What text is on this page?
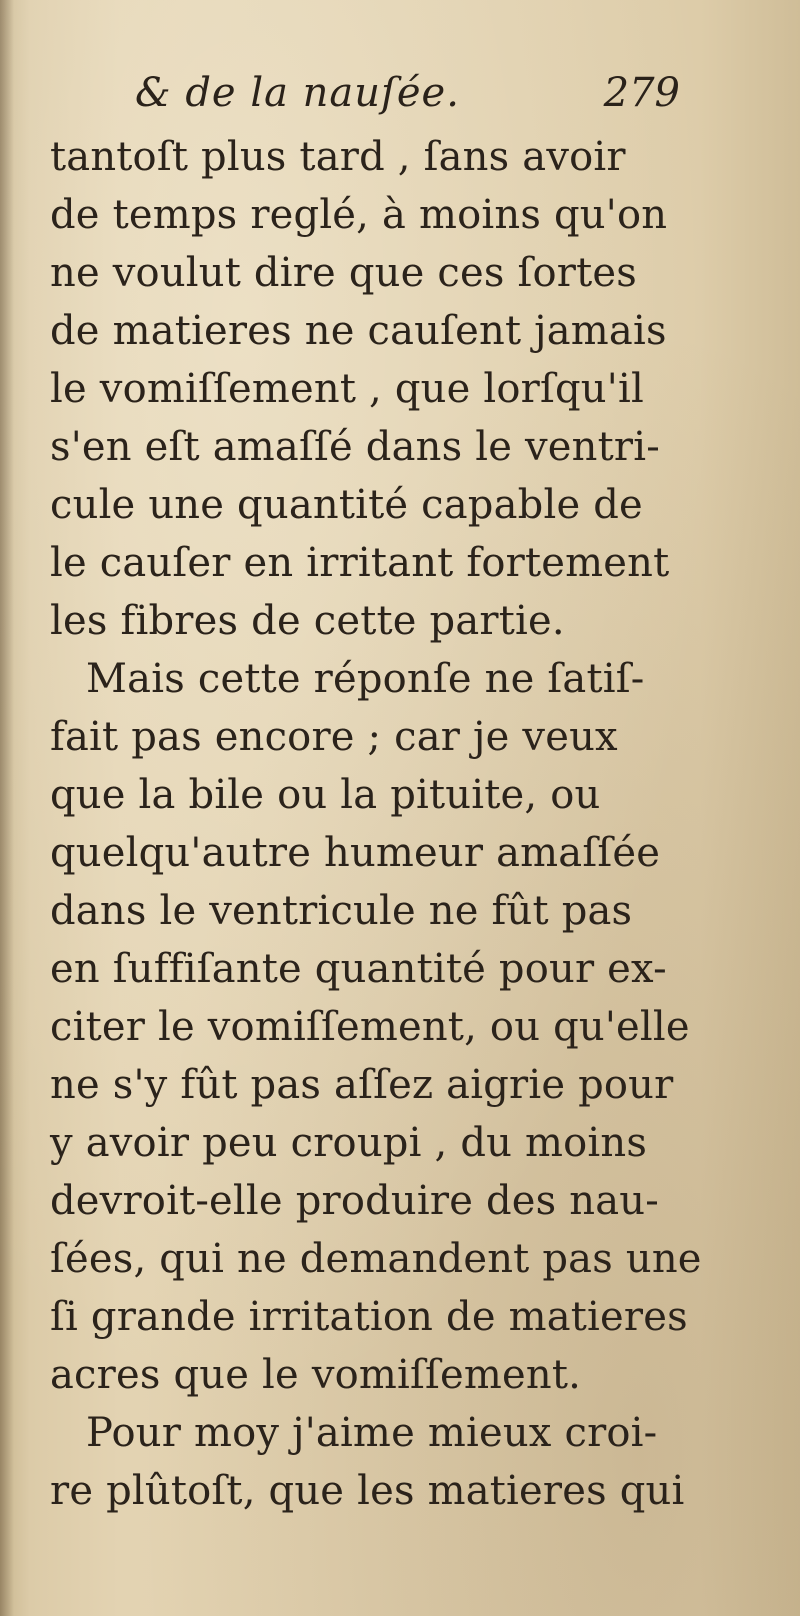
& de la nauſée.	279
tantoſt plus tard , ſans avoir
de temps reglé, à moins qu'on
ne voulut dire que ces ſortes
de matieres ne cauſent jamais
le vomiſſement , que lorſqu'il
s'en eſt amaſſé dans le ventri-
cule une quantité capable de
le cauſer en irritant fortement
les fibres de cette partie.
Mais cette réponſe ne ſatiſ-
fait pas encore ; car je veux
que la bile ou la pituite, ou
quelqu'autre humeur amaſſée
dans le ventricule ne fût pas
en ſuffiſante quantité pour ex-
citer le vomiſſement, ou qu'elle
ne s'y fût pas aſſez aigrie pour
y avoir peu croupi , du moins
devroit-elle produire des nau-
ſées, qui ne demandent pas une
ſi grande irritation de matieres
acres que le vomiſſement.
Pour moy j'aime mieux croi-
re plûtoſt, que les matieres qui
